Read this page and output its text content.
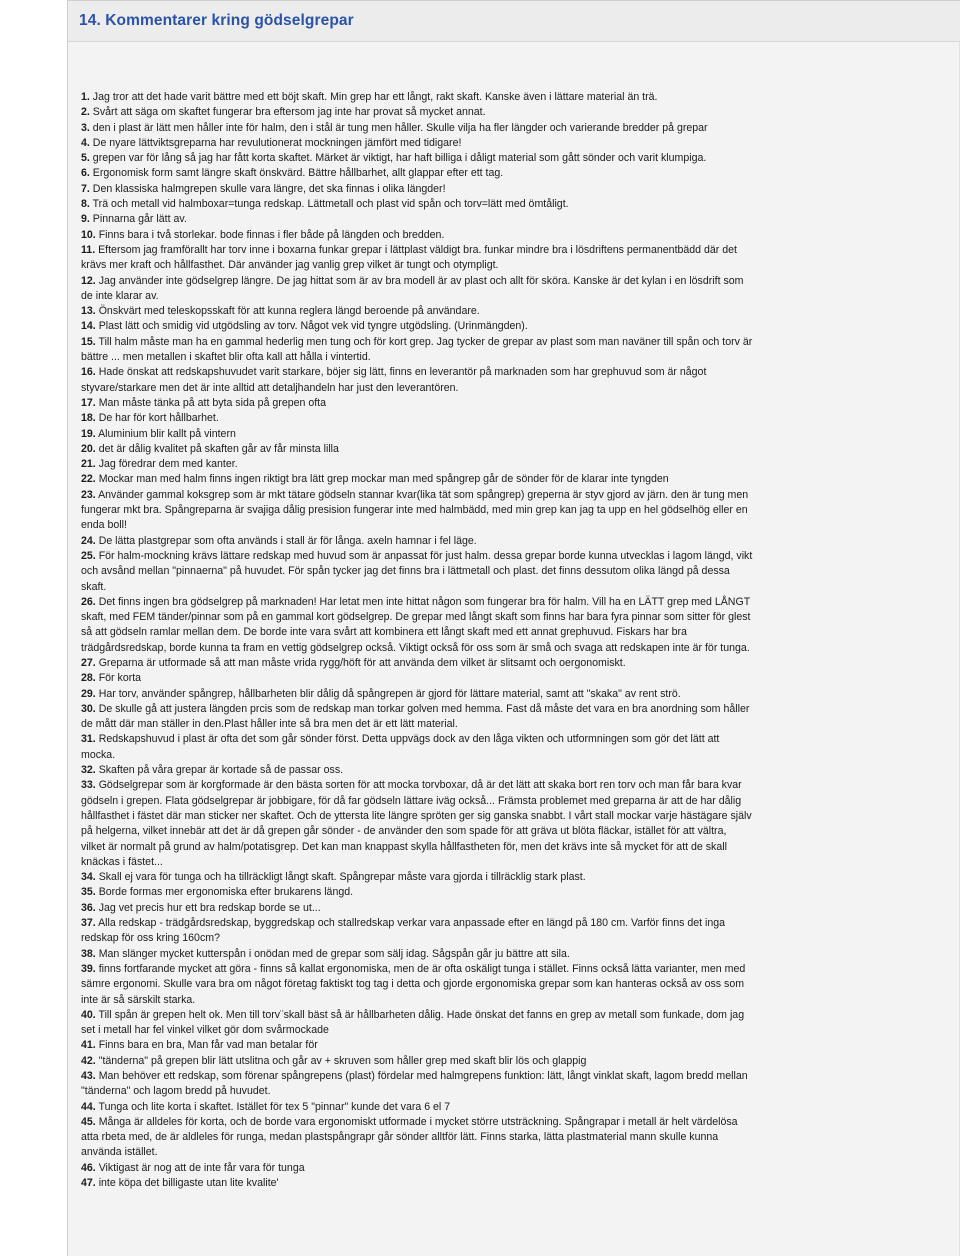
14. Kommentarer kring gödselgrepar
1. Jag tror att det hade varit bättre med ett böjt skaft. Min grep har ett långt, rakt skaft. Kanske även i lättare material än trä.
2. Svårt att säga om skaftet fungerar bra eftersom jag inte har provat så mycket annat.
3. den i plast är lätt men håller inte för halm, den i stål är tung men håller. Skulle vilja ha fler längder och varierande bredder på grepar
4. De nyare lättviktsgreparna har revulutionerat mockningen jämfört med tidigare!
5. grepen var för lång så jag har fått korta skaftet. Märket är viktigt, har haft billiga i dåligt material som gått sönder och varit klumpiga.
6. Ergonomisk form samt längre skaft önskvärd. Bättre hållbarhet, allt glappar efter ett tag.
7. Den klassiska halmgrepen skulle vara längre, det ska finnas i olika längder!
8. Trä och metall vid halmboxar=tunga redskap. Lättmetall och plast vid spån och torv=lätt med ömtåligt.
9. Pinnarna går lätt av.
10. Finns bara i två storlekar. bode finnas i fler både på längden och bredden.
11. Eftersom jag framförallt har torv inne i boxarna funkar grepar i lättplast väldigt bra. funkar mindre bra i lösdriftens permanentbädd där det krävs mer kraft och hållfasthet. Där använder jag vanlig grep vilket är tungt och otympligt.
12. Jag använder inte gödselgrep längre. De jag hittat som är av bra modell är av plast och allt för sköra. Kanske är det kylan i en lösdrift som de inte klarar av.
13. Önskvärt med teleskopsskaft för att kunna reglera längd beroende på användare.
14. Plast lätt och smidig vid utgödsling av torv. Något vek vid tyngre utgödsling. (Urinmängden).
15. Till halm måste man ha en gammal hederlig men tung och för kort grep. Jag tycker de grepar av plast som man naväner till spån och torv är bättre ... men metallen i skaftet blir ofta kall att hålla i vintertid.
16. Hade önskat att redskapshuvudet varit starkare, böjer sig lätt, finns en leverantör på marknaden som har grephuvud som är något styvare/starkare men det är inte alltid att detaljhandeln har just den leverantören.
17. Man måste tänka på att byta sida på grepen ofta
18. De har för kort hållbarhet.
19. Aluminium blir kallt på vintern
20. det är dålig kvalitet på skaften går av får minsta lilla
21. Jag föredrar dem med kanter.
22. Mockar man med halm finns ingen riktigt bra lätt grep mockar man med spångrep går de sönder för de klarar inte tyngden
23. Använder gammal koksgrep som är mkt tätare gödseln stannar kvar(lika tät som spångrep) greperna är styv gjord av järn. den är tung men fungerar mkt bra. Spångreparna är svajiga dålig presision fungerar inte med halmbädd, med min grep kan jag ta upp en hel gödselhög eller en enda boll!
24. De lätta plastgrepar som ofta används i stall är för långa. axeln hamnar i fel läge.
25. För halm-mockning krävs lättare redskap med huvud som är anpassat för just halm. dessa grepar borde kunna utvecklas i lagom längd, vikt och avsånd mellan "pinnaerna" på huvudet. För spån tycker jag det finns bra i lättmetall och plast. det finns dessutom olika längd på dessa skaft.
26. Det finns ingen bra gödselgrep på marknaden! Har letat men inte hittat någon som fungerar bra för halm. Vill ha en LÄTT grep med LÅNGT skaft, med FEM tänder/pinnar som på en gammal kort gödselgrep. De grepar med långt skaft som finns har bara fyra pinnar som sitter för glest så att gödseln ramlar mellan dem. De borde inte vara svårt att kombinera ett långt skaft med ett annat grephuvud. Fiskars har bra trädgårdsredskap, borde kunna ta fram en vettig gödselgrep också. Viktigt också för oss som är små och svaga att redskapen inte är för tunga.
27. Greparna är utformade så att man måste vrida rygg/höft för att använda dem vilket är slitsamt och oergonomiskt.
28. För korta
29. Har torv, använder spångrep, hållbarheten blir dålig då spångrepen är gjord för lättare material, samt att "skaka" av rent strö.
30. De skulle gå att justera längden prcis som de redskap man torkar golven med hemma. Fast då måste det vara en bra anordning som håller de mått där man ställer in den.Plast håller inte så bra men det är ett lätt material.
31. Redskapshuvud i plast är ofta det som går sönder först. Detta uppvägs dock av den låga vikten och utformningen som gör det lätt att mocka.
32. Skaften på våra grepar är kortade så de passar oss.
33. Gödselgrepar som är korgformade är den bästa sorten för att mocka torvboxar, då är det lätt att skaka bort ren torv och man får bara kvar gödseln i grepen. Flata gödselgrepar är jobbigare, för då far gödseln lättare iväg också... Främsta problemet med greparna är att de har dålig hållfasthet i fästet där man sticker ner skaftet. Och de yttersta lite längre spröten ger sig ganska snabbt. I vårt stall mockar varje hästägare själv på helgerna, vilket innebär att det är då grepen går sönder - de använder den som spade för att gräva ut blöta fläckar, istället för att vältra, vilket är normalt på grund av halm/potatisgrep. Det kan man knappast skylla hållfastheten för, men det krävs inte så mycket för att de skall knäckas i fästet...
34. Skall ej vara för tunga och ha tillräckligt långt skaft. Spångrepar måste vara gjorda i tillräcklig stark plast.
35. Borde formas mer ergonomiska efter brukarens längd.
36. Jag vet precis hur ett bra redskap borde se ut...
37. Alla redskap - trädgårdsredskap, byggredskap och stallredskap verkar vara anpassade efter en längd på 180 cm. Varför finns det inga redskap för oss kring 160cm?
38. Man slänger mycket kutterspån i onödan med de grepar som sälj idag. Sågspån går ju bättre att sila.
39. finns fortfarande mycket att göra - finns så kallat ergonomiska, men de är ofta oskäligt tunga i stället. Finns också lätta varianter, men med sämre ergonomi. Skulle vara bra om något företag faktiskt tog tag i detta och gjorde ergonomiska grepar som kan hanteras också av oss som inte är så särskilt starka.
40. Till spån är grepen helt ok. Men till torv¨skall bäst så är hållbarheten dålig. Hade önskat det fanns en grep av metall som funkade, dom jag set i metall har fel vinkel vilket gör dom svårmockade
41. Finns bara en bra, Man får vad man betalar för
42. "tänderna" på grepen blir lätt utslitna och går av + skruven som håller grep med skaft blir lös och glappig
43. Man behöver ett redskap, som förenar spångrepens (plast) fördelar med halmgrepens funktion: lätt, långt vinklat skaft, lagom bredd mellan "tänderna" och lagom bredd på huvudet.
44. Tunga och lite korta i skaftet. Istället för tex 5 "pinnar" kunde det vara 6 el 7
45. Många är alldeles för korta, och de borde vara ergonomiskt utformade i mycket större utsträckning. Spångrapar i metall är helt värdelösa atta rbeta med, de är aldleles för runga, medan plastspångrapr går sönder alltför lätt. Finns starka, lätta plastmaterial mann skulle kunna använda istället.
46. Viktigast är nog att de inte får vara för tunga
47. inte köpa det billigaste utan lite kvalite'
